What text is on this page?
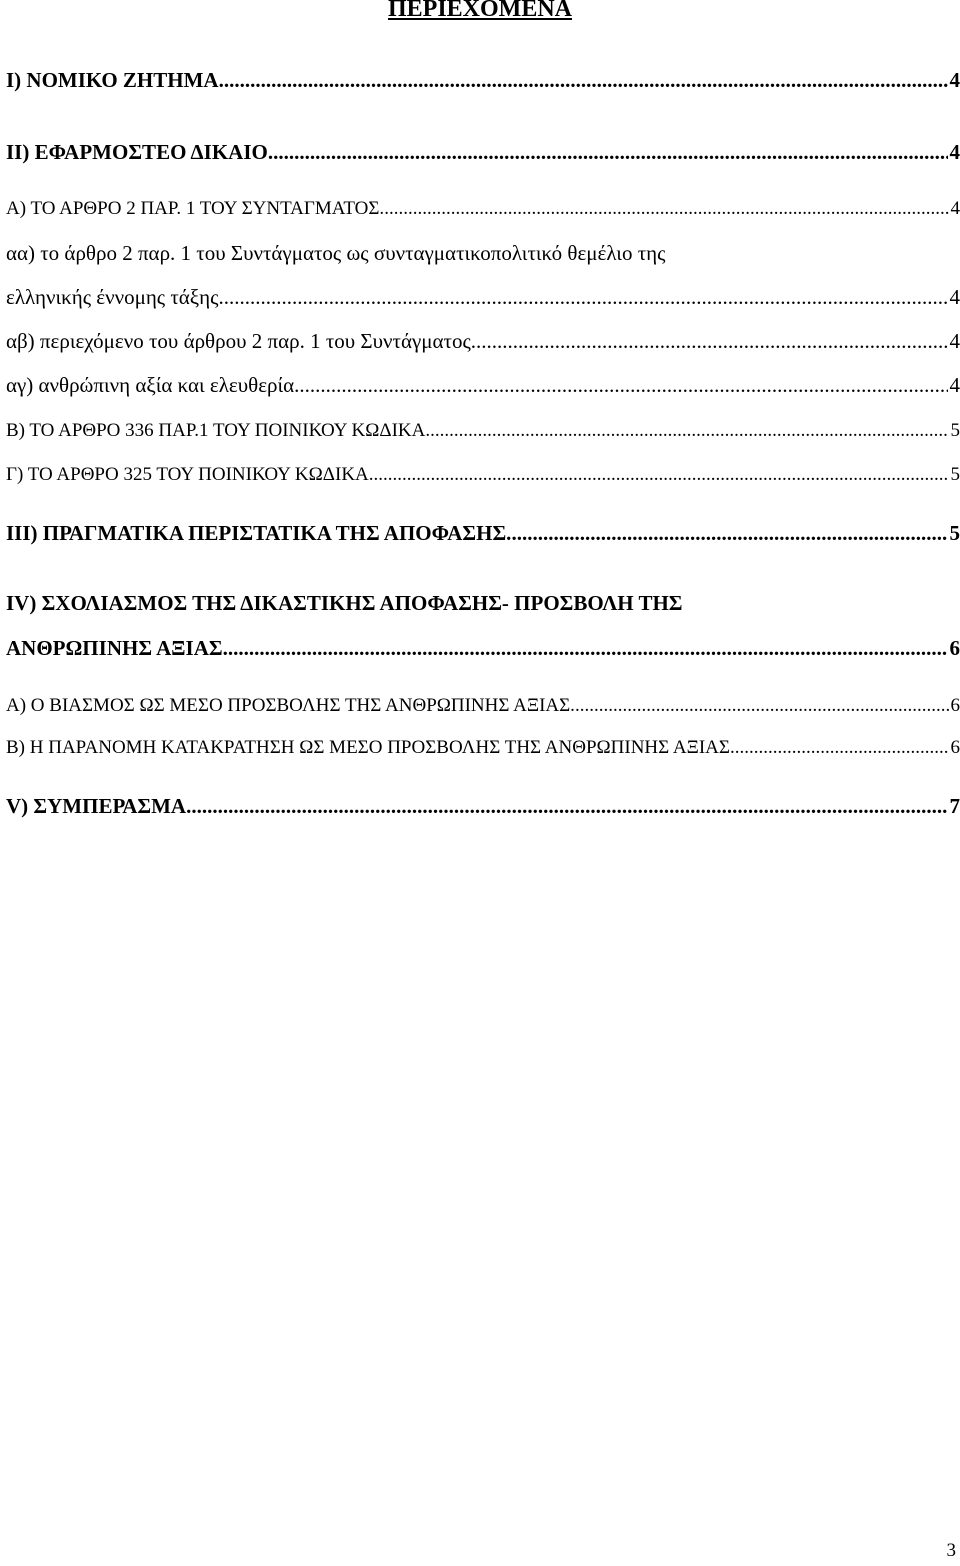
ΠΕΡΙΕΧΟΜΕΝΑ
I) ΝΟΜΙΚΟ ΖΗΤΗΜΑ. .....	4
II) ΕΦΑΡΜΟΣΤΕΟ ΔΙΚΑΙΟ. .....	4
Α) ΤΟ ΑΡΘΡΟ 2 ΠΑΡ. 1 ΤΟΥ ΣΥΝΤΑΓΜΑΤΟΣ. .....	4
αα) το άρθρο 2 παρ. 1 του Συντάγματος ως συνταγματικοπολιτικό θεμέλιο της
ελληνικής έννομης τάξης. .....	4
αβ) περιεχόμενο του άρθρου 2 παρ. 1 του Συντάγματος. .....	4
αγ) ανθρώπινη αξία και ελευθερία. .....	4
Β) ΤΟ ΑΡΘΡΟ 336 ΠΑΡ.1 ΤΟΥ ΠΟΙΝΙΚΟΥ ΚΩΔΙΚΑ. .....	5
Γ) ΤΟ ΑΡΘΡΟ 325 ΤΟΥ ΠΟΙΝΙΚΟΥ ΚΩΔΙΚΑ. .....	5
III) ΠΡΑΓΜΑΤΙΚΑ ΠΕΡΙΣΤΑΤΙΚΑ ΤΗΣ ΑΠΟΦΑΣΗΣ. .....	5
IV) ΣΧΟΛΙΑΣΜΟΣ ΤΗΣ ΔΙΚΑΣΤΙΚΗΣ ΑΠΟΦΑΣΗΣ- ΠΡΟΣΒΟΛΗ ΤΗΣ
ΑΝΘΡΩΠΙΝΗΣ ΑΞΙΑΣ. .....	6
Α) Ο ΒΙΑΣΜΟΣ ΩΣ ΜΕΣΟ ΠΡΟΣΒΟΛΗΣ ΤΗΣ ΑΝΘΡΩΠΙΝΗΣ ΑΞΙΑΣ. .....	6
Β) Η ΠΑΡΑΝΟΜΗ ΚΑΤΑΚΡΑΤΗΣΗ ΩΣ ΜΕΣΟ ΠΡΟΣΒΟΛΗΣ ΤΗΣ ΑΝΘΡΩΠΙΝΗΣ ΑΞΙΑΣ. .....	6
V) ΣΥΜΠΕΡΑΣΜΑ. .....	7
3
